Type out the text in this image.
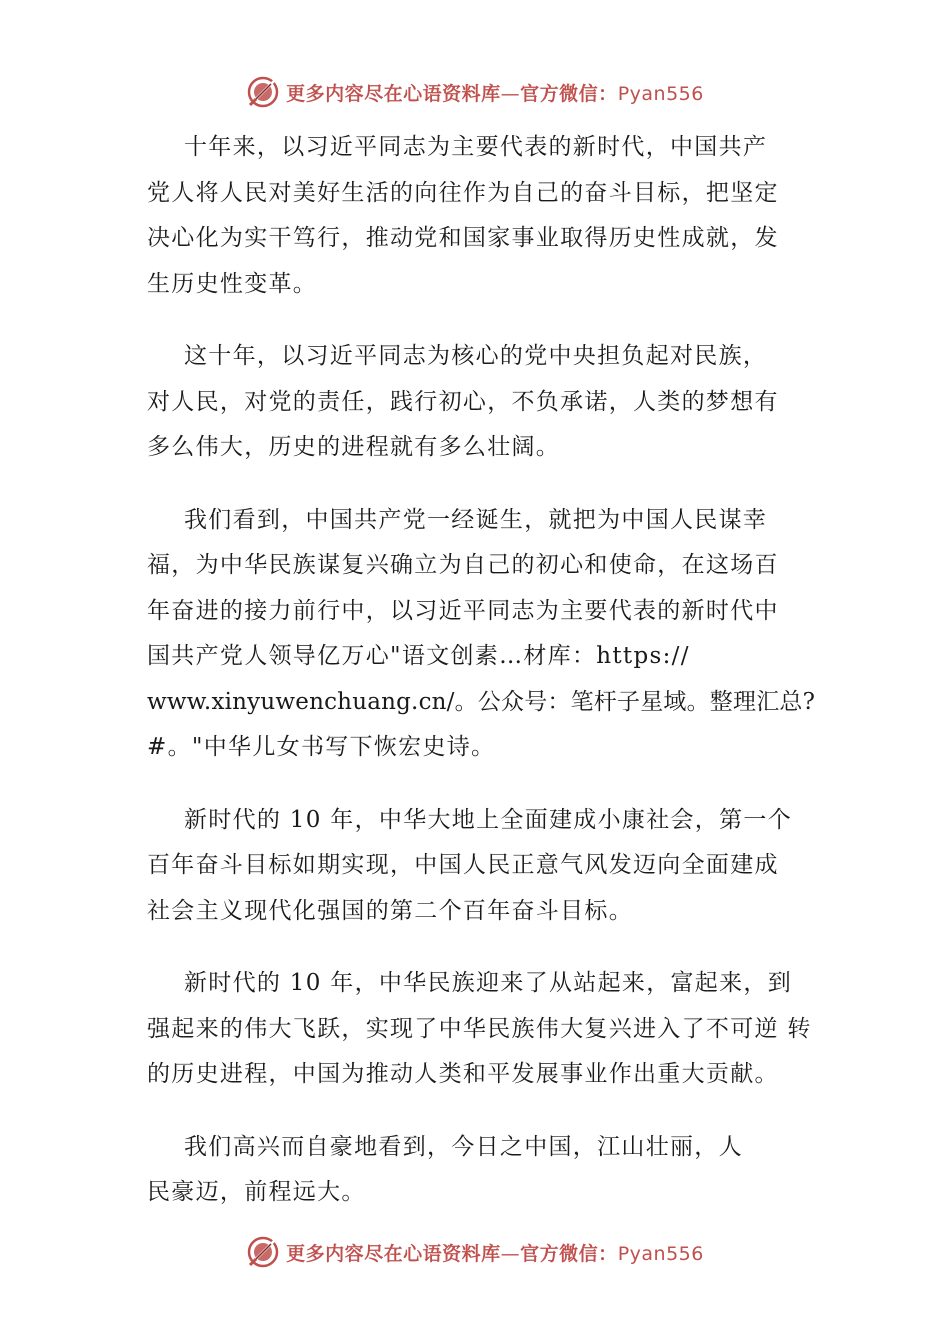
更多内容尽在心语资料库—官方微信：Pyan556

十年来，以习近平同志为主要代表的新时代，中国共产
党人将人民对美好生活的向往作为自己的奋斗目标，把坚定
决心化为实干笃行，推动党和国家事业取得历史性成就，发
生历史性变革。

这十年，以习近平同志为核心的党中央担负起对民族，
对人民，对党的责任，践行初心，不负承诺，人类的梦想有
多么伟大，历史的进程就有多么壮阔。

我们看到，中国共产党一经诞生，就把为中国人民谋幸
福，为中华民族谋复兴确立为自己的初心和使命，在这场百
年奋进的接力前行中，以习近平同志为主要代表的新时代中
国共产党人领导亿万心"语文创素…材库：https://
www.xinyuwenchuang.cn/。公众号：笔杆子星域。整理汇总?
#。"中华儿女书写下恢宏史诗。

新时代的 10 年，中华大地上全面建成小康社会，第一个
百年奋斗目标如期实现，中国人民正意气风发迈向全面建成
社会主义现代化强国的第二个百年奋斗目标。

新时代的 10 年，中华民族迎来了从站起来，富起来，到
强起来的伟大飞跃，实现了中华民族伟大复兴进入了不可逆 转
的历史进程，中国为推动人类和平发展事业作出重大贡献。

我们高兴而自豪地看到，今日之中国，江山壮丽，人
民豪迈，前程远大。

更多内容尽在心语资料库—官方微信：Pyan556
